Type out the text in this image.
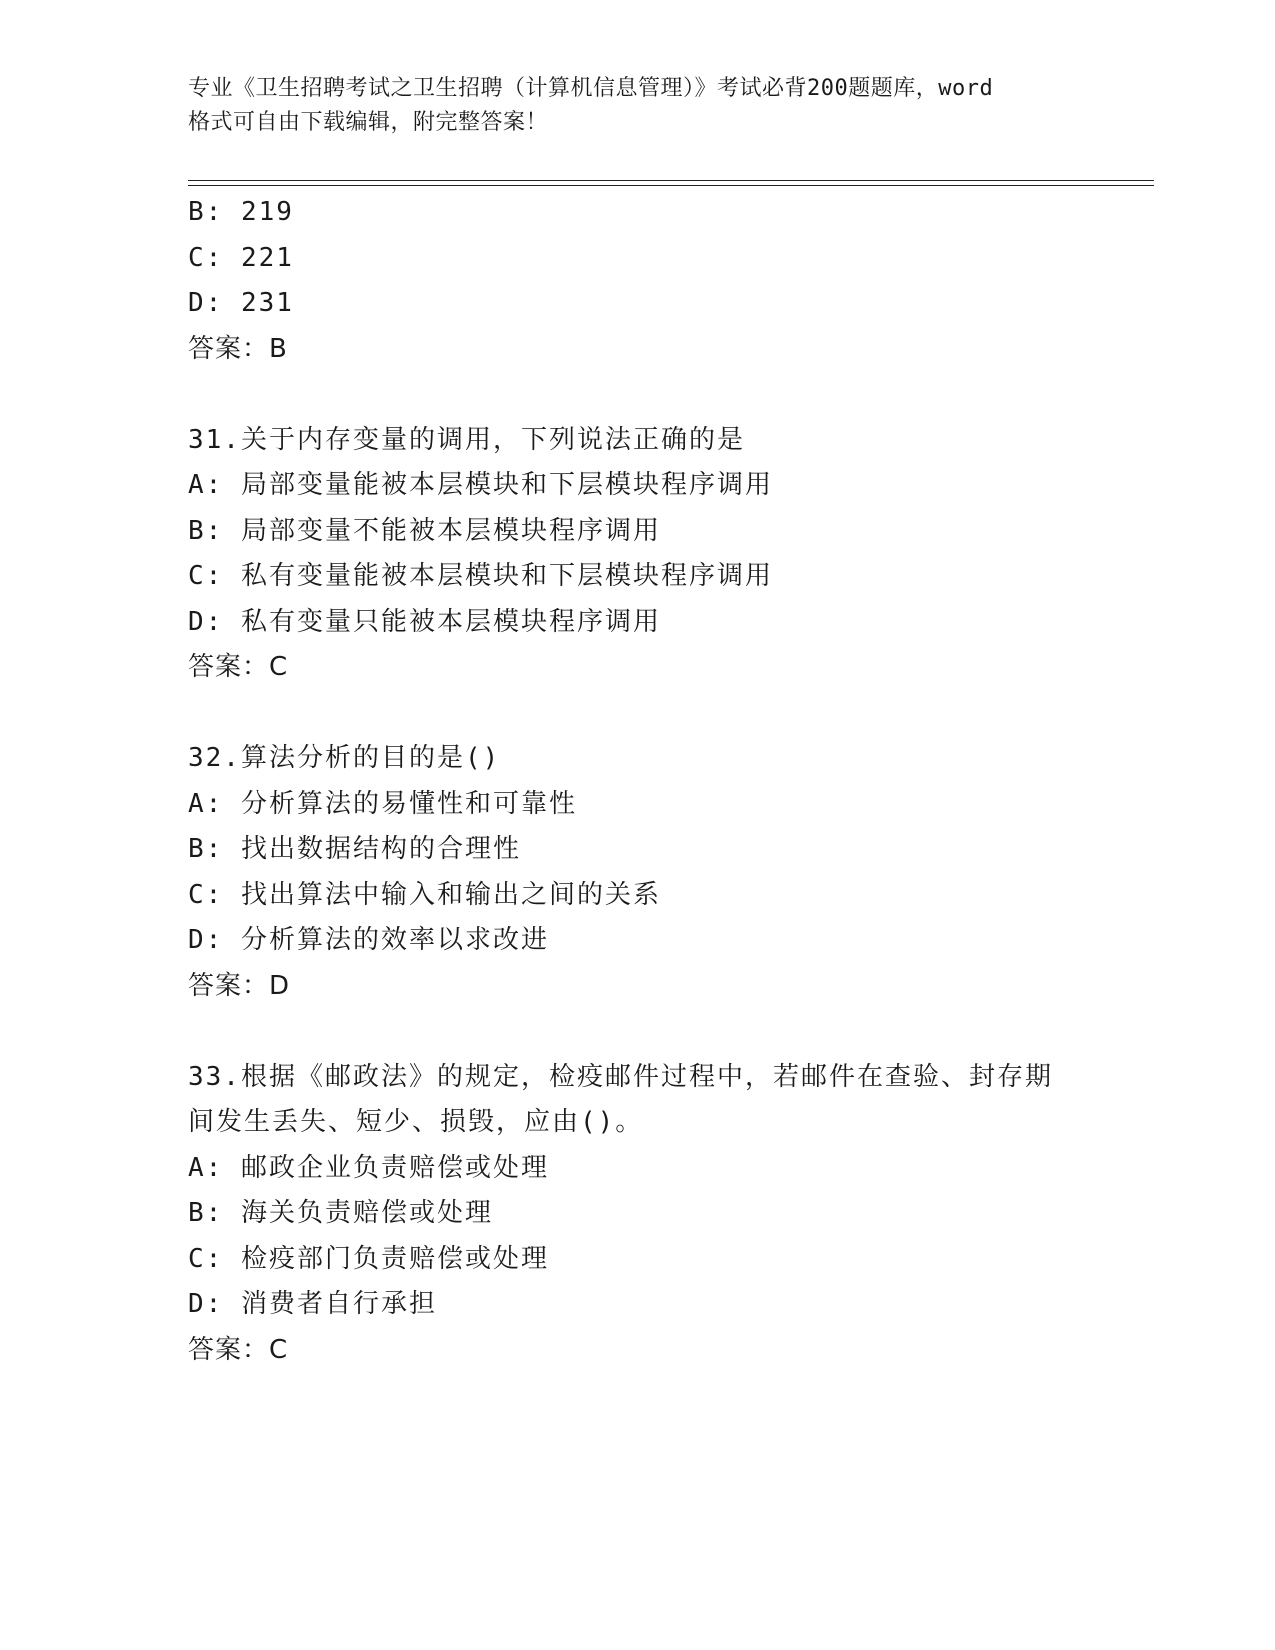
专业《卫生招聘考试之卫生招聘（计算机信息管理）》考试必背200题题库，word
格式可自由下载编辑，附完整答案！
B: 219
C: 221
D: 231
答案：B
31.关于内存变量的调用，下列说法正确的是
A: 局部变量能被本层模块和下层模块程序调用
B: 局部变量不能被本层模块程序调用
C: 私有变量能被本层模块和下层模块程序调用
D: 私有变量只能被本层模块程序调用
答案：C
32.算法分析的目的是()
A: 分析算法的易懂性和可靠性
B: 找出数据结构的合理性
C: 找出算法中输入和输出之间的关系
D: 分析算法的效率以求改进
答案：D
33.根据《邮政法》的规定，检疫邮件过程中，若邮件在查验、封存期
间发生丢失、短少、损毁，应由()。
A: 邮政企业负责赔偿或处理
B: 海关负责赔偿或处理
C: 检疫部门负责赔偿或处理
D: 消费者自行承担
答案：C
